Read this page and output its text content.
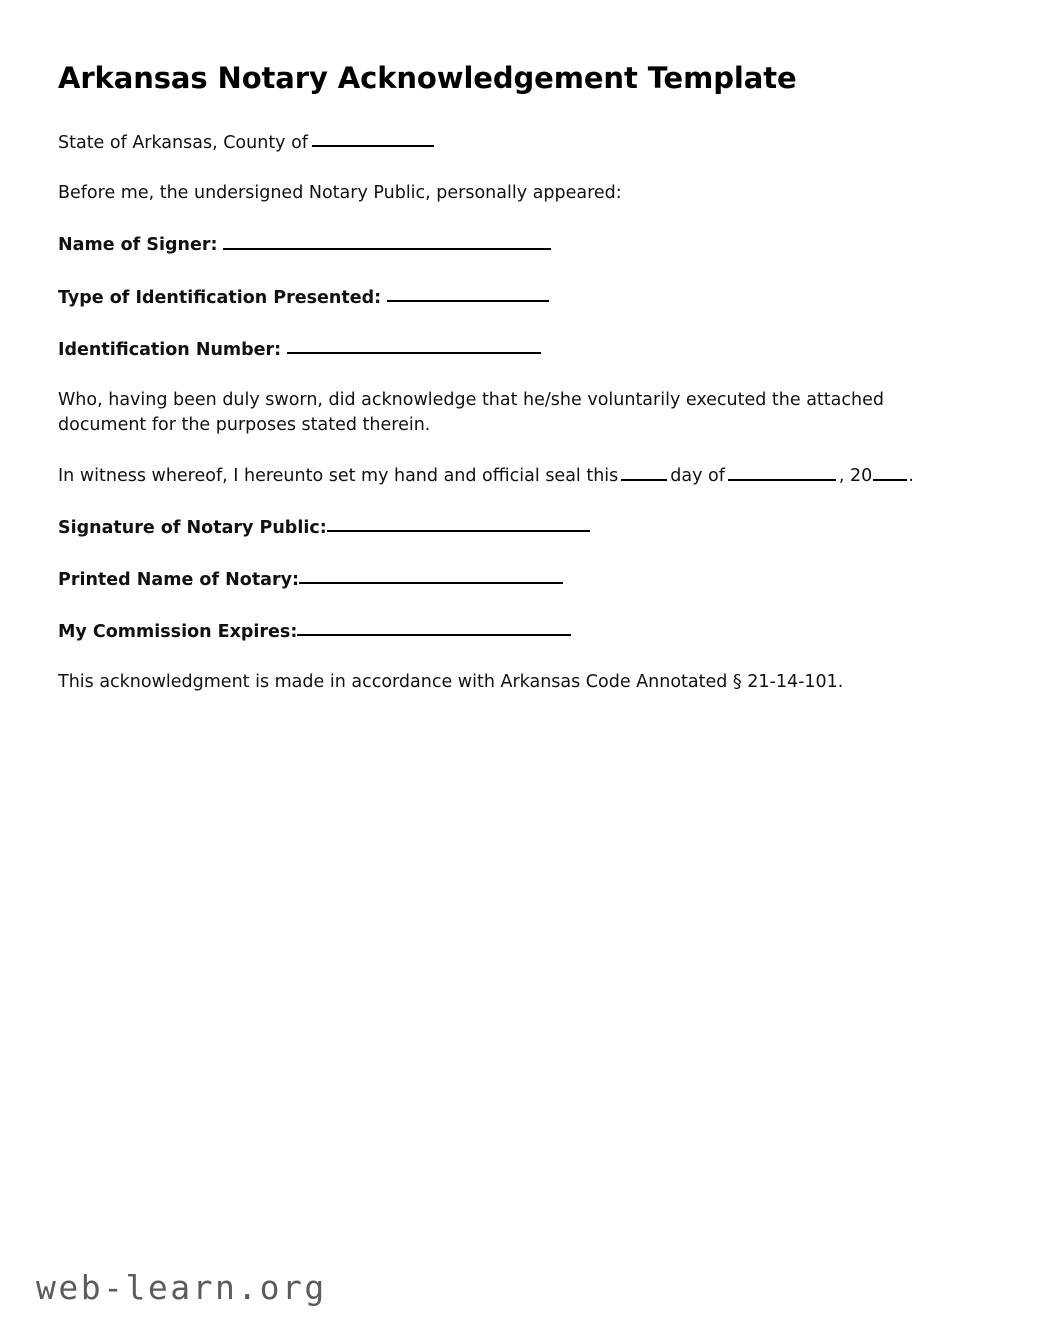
Arkansas Notary Acknowledgement Template

State of Arkansas, County of

Before me, the undersigned Notary Public, personally appeared:

Name of Signer:

Type of Identification Presented:

Identification Number:

Who, having been duly sworn, did acknowledge that he/she voluntarily executed the attached document for the purposes stated therein.

In witness whereof, I hereunto set my hand and official seal this	day of	, 20 .

Signature of Notary Public:

Printed Name of Notary:

My Commission Expires:

This acknowledgment is made in accordance with Arkansas Code Annotated § 21-14-101.

web-learn.org
